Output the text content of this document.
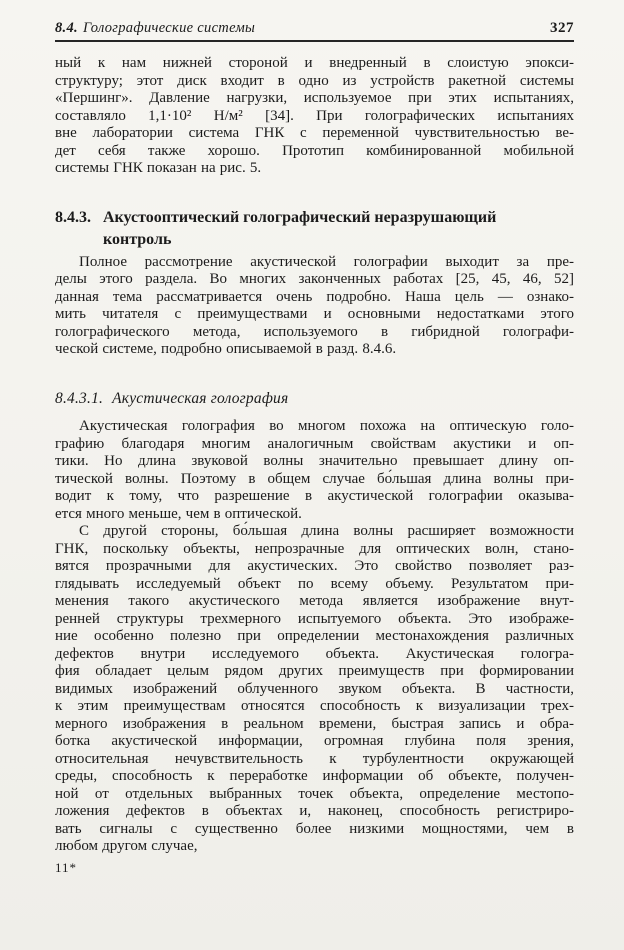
8.4. Голографические системы	327
ный к нам нижней стороной и внедренный в слоистую эпокси-
структуру; этот диск входит в одно из устройств ракетной системы
«Першинг». Давление нагрузки, используемое при этих испытаниях,
составляло 1,1·10² Н/м² [34]. При голографических испытаниях
вне лаборатории система ГНК с переменной чувствительностью ве-
дет себя также хорошо. Прототип комбинированной мобильной
системы ГНК показан на рис. 5.
8.4.3. Акустооптический голографический неразрушающий
контроль
Полное рассмотрение акустической голографии выходит за пре-
делы этого раздела. Во многих законченных работах [25, 45, 46, 52]
данная тема рассматривается очень подробно. Наша цель — ознако-
мить читателя с преимуществами и основными недостатками этого
голографического метода, используемого в гибридной голографи-
ческой системе, подробно описываемой в разд. 8.4.6.
8.4.3.1. Акустическая голография
Акустическая голография во многом похожа на оптическую голо-
графию благодаря многим аналогичным свойствам акустики и оп-
тики. Но длина звуковой волны значительно превышает длину оп-
тической волны. Поэтому в общем случае бо́льшая длина волны при-
водит к тому, что разрешение в акустической голографии оказыва-
ется много меньше, чем в оптической.
С другой стороны, бо́льшая длина волны расширяет возможности
ГНК, поскольку объекты, непрозрачные для оптических волн, стано-
вятся прозрачными для акустических. Это свойство позволяет раз-
глядывать исследуемый объект по всему объему. Результатом при-
менения такого акустического метода является изображение внут-
ренней структуры трехмерного испытуемого объекта. Это изображе-
ние особенно полезно при определении местонахождения различных
дефектов внутри исследуемого объекта. Акустическая гологра-
фия обладает целым рядом других преимуществ при формировании
видимых изображений облученного звуком объекта. В частности,
к этим преимуществам относятся способность к визуализации трех-
мерного изображения в реальном времени, быстрая запись и обра-
ботка акустической информации, огромная глубина поля зрения,
относительная нечувствительность к турбулентности окружающей
среды, способность к переработке информации об объекте, получен-
ной от отдельных выбранных точек объекта, определение местопо-
ложения дефектов в объектах и, наконец, способность регистриро-
вать сигналы с существенно более низкими мощностями, чем в
любом другом случае,
11*
